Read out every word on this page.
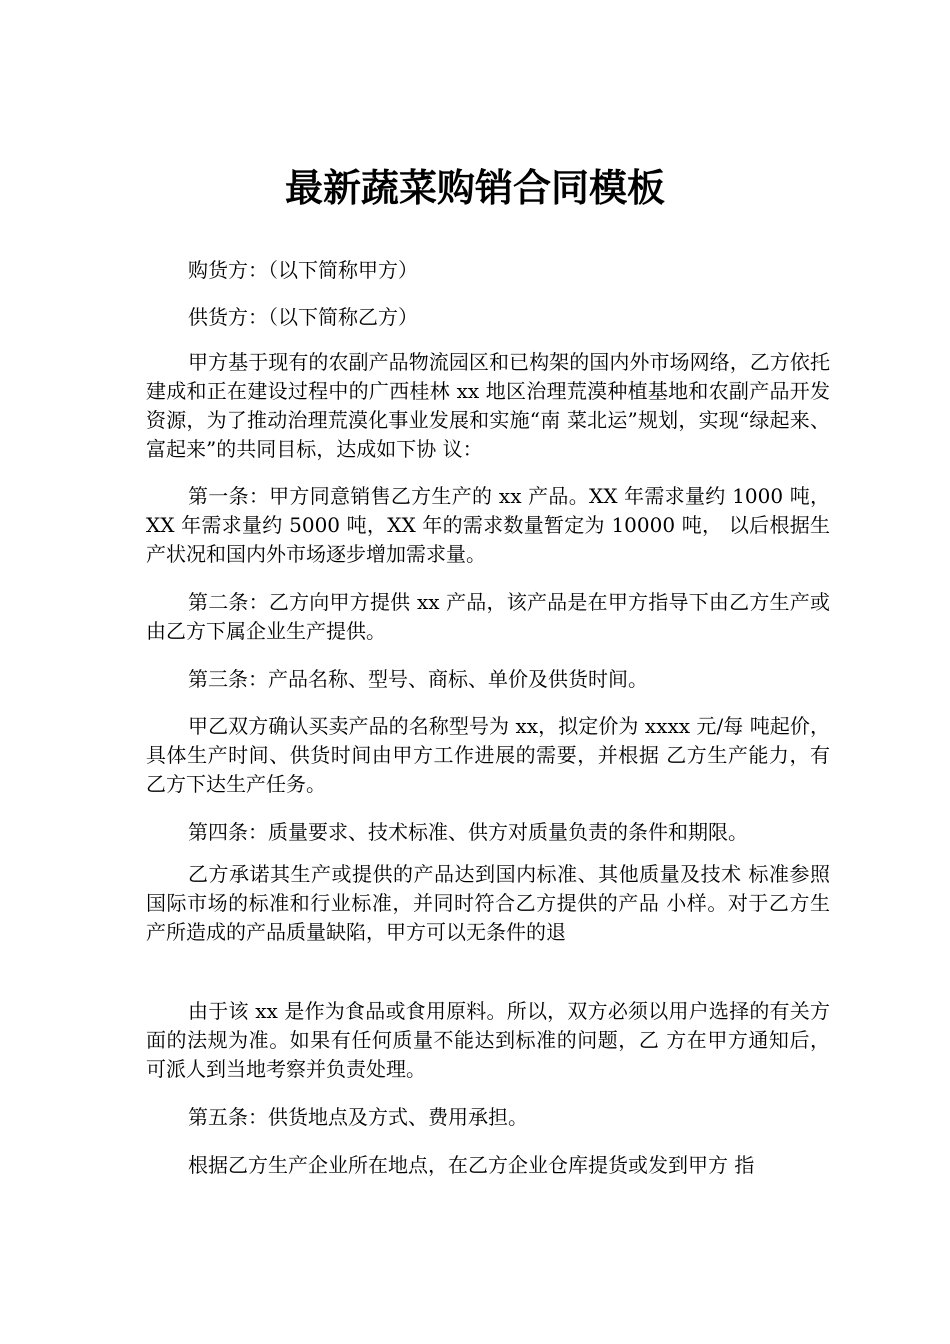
最新蔬菜购销合同模板

购货方：（以下简称甲方）

供货方：（以下简称乙方）

甲方基于现有的农副产品物流园区和已构架的国内外市场网络，乙方依托建成和正在建设过程中的广西桂林 xx 地区治理荒漠种植基地和农副产品开发资源，为了推动治理荒漠化事业发展和实施“南 菜北运”规划，实现“绿起来、富起来”的共同目标，达成如下协 议：

第一条：甲方同意销售乙方生产的 xx 产品。XX 年需求量约 1000 吨，XX 年需求量约 5000 吨，XX 年的需求数量暂定为 10000 吨， 以后根据生产状况和国内外市场逐步增加需求量。

第二条：乙方向甲方提供 xx 产品，该产品是在甲方指导下由乙方生产或由乙方下属企业生产提供。

第三条：产品名称、型号、商标、单价及供货时间。

甲乙双方确认买卖产品的名称型号为 xx，拟定价为 xxxx 元/每 吨起价，具体生产时间、供货时间由甲方工作进展的需要，并根据 乙方生产能力，有乙方下达生产任务。

第四条：质量要求、技术标准、供方对质量负责的条件和期限。

乙方承诺其生产或提供的产品达到国内标准、其他质量及技术 标准参照国际市场的标准和行业标准，并同时符合乙方提供的产品 小样。对于乙方生产所造成的产品质量缺陷，甲方可以无条件的退

由于该 xx 是作为食品或食用原料。所以，双方必须以用户选择的有关方面的法规为准。如果有任何质量不能达到标准的问题，乙 方在甲方通知后，可派人到当地考察并负责处理。

第五条：供货地点及方式、费用承担。

根据乙方生产企业所在地点，在乙方企业仓库提货或发到甲方 指
